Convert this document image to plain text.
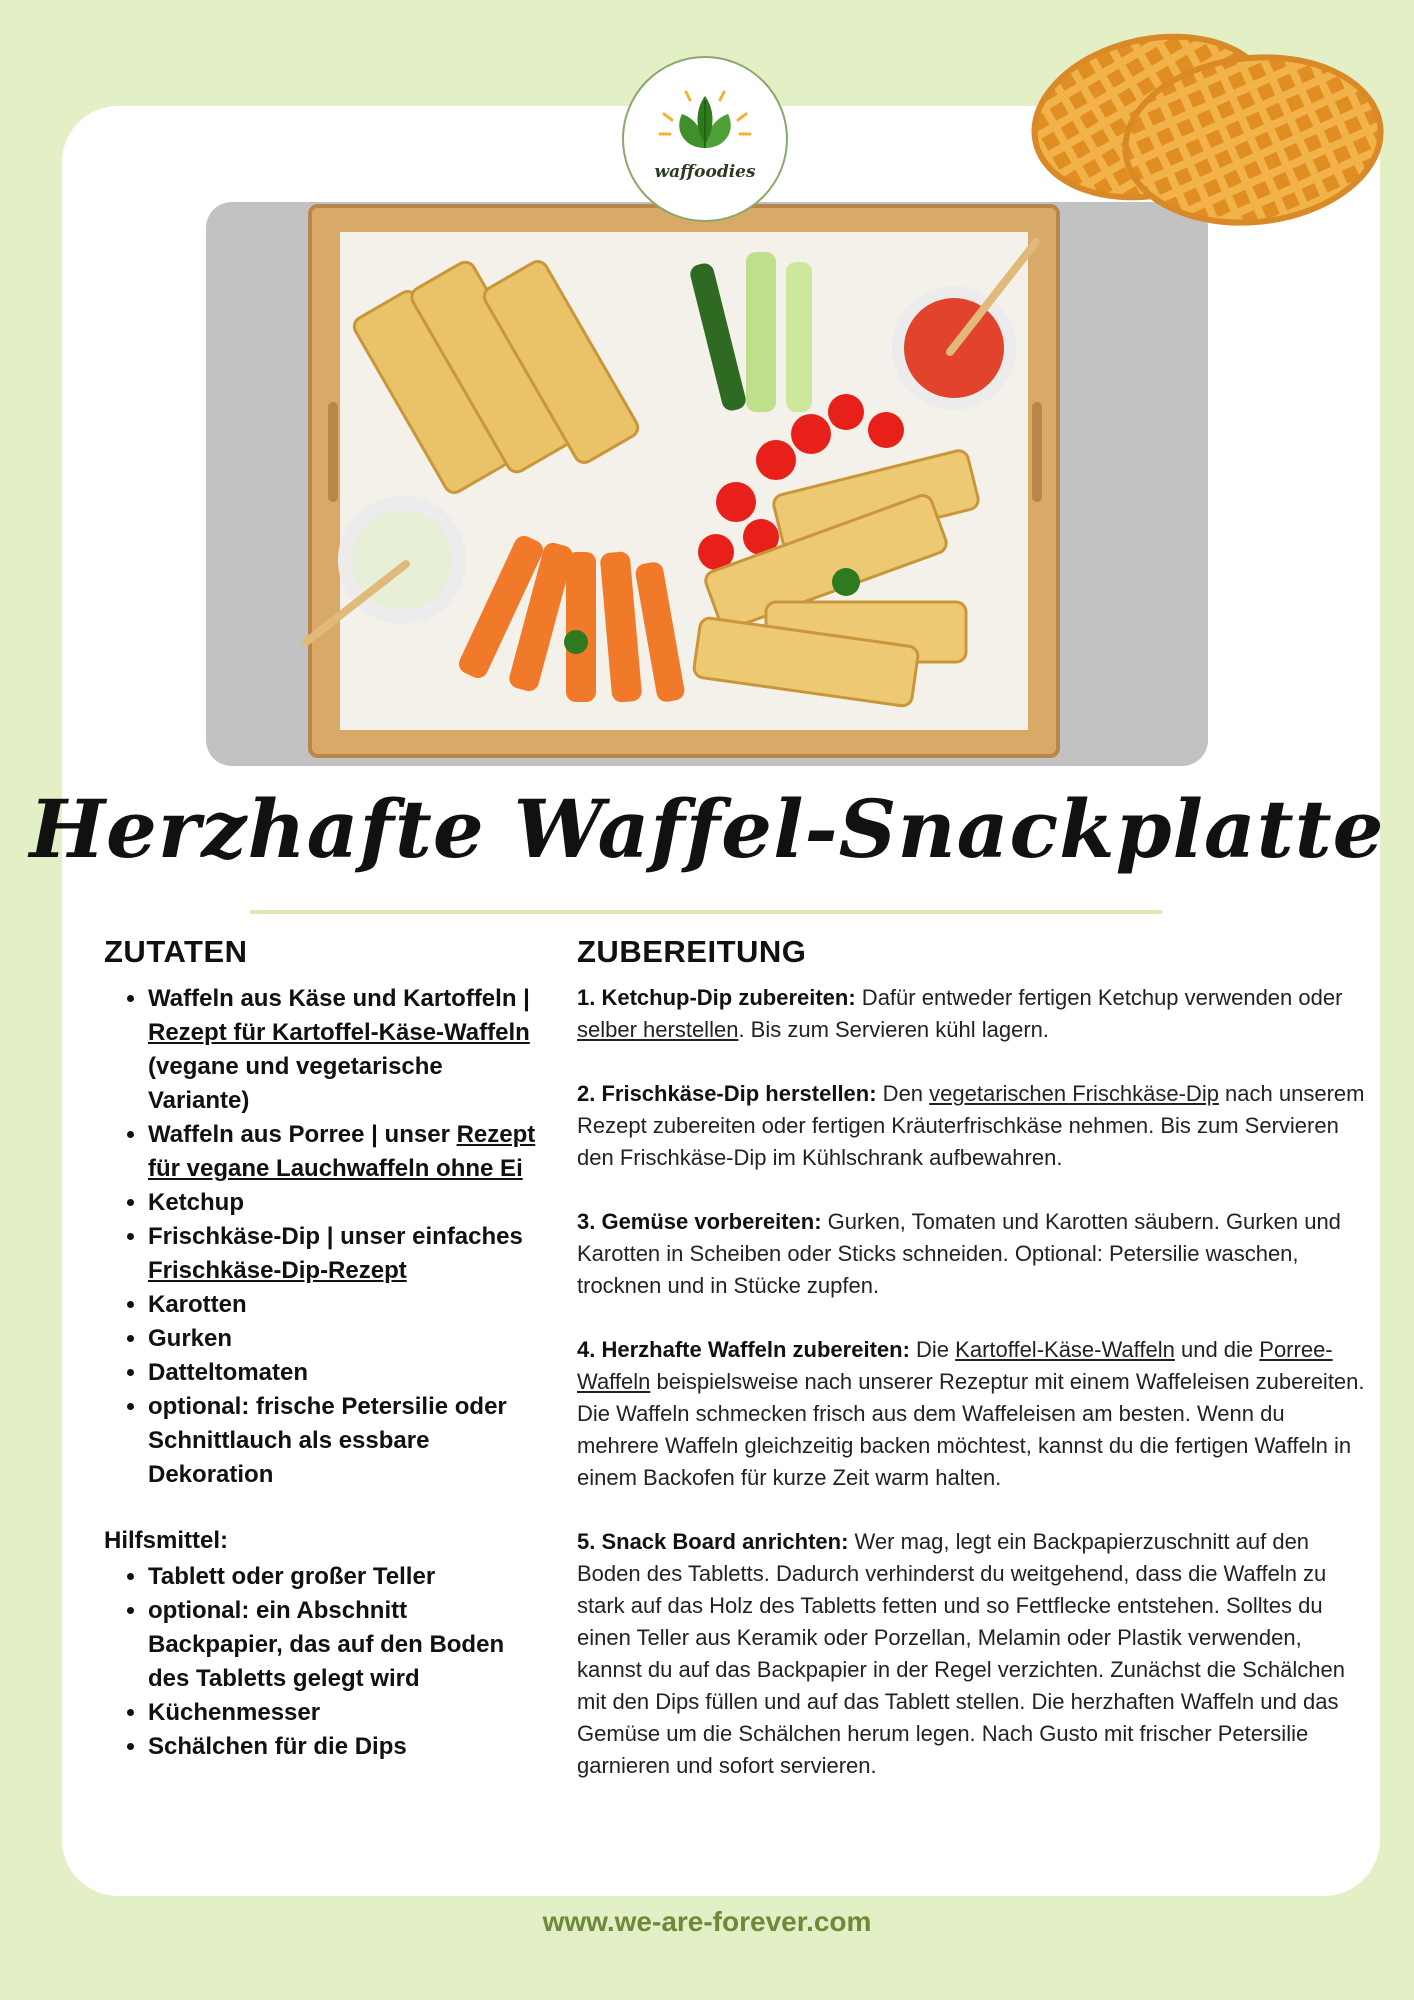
waffoodies
Herzhafte Waffel-Snackplatte
ZUTATEN
• Waffeln aus Käse und Kartoffeln | Rezept für Kartoffel-Käse-Waffeln (vegane und vegetarische Variante)
• Waffeln aus Porree | unser Rezept für vegane Lauchwaffeln ohne Ei
• Ketchup
• Frischkäse-Dip | unser einfaches Frischkäse-Dip-Rezept
• Karotten
• Gurken
• Datteltomaten
• optional: frische Petersilie oder Schnittlauch als essbare Dekoration
Hilfsmittel:
• Tablett oder großer Teller
• optional: ein Abschnitt Backpapier, das auf den Boden des Tabletts gelegt wird
• Küchenmesser
• Schälchen für die Dips
ZUBEREITUNG

1. Ketchup-Dip zubereiten: Dafür entweder fertigen Ketchup verwenden oder selber herstellen. Bis zum Servieren kühl lagern.

2. Frischkäse-Dip herstellen: Den vegetarischen Frischkäse-Dip nach unserem Rezept zubereiten oder fertigen Kräuterfrischkäse nehmen. Bis zum Servieren den Frischkäse-Dip im Kühlschrank aufbewahren.

3. Gemüse vorbereiten: Gurken, Tomaten und Karotten säubern. Gurken und Karotten in Scheiben oder Sticks schneiden. Optional: Petersilie waschen, trocknen und in Stücke zupfen.

4. Herzhafte Waffeln zubereiten: Die Kartoffel-Käse-Waffeln und die Porree-Waffeln beispielsweise nach unserer Rezeptur mit einem Waffeleisen zubereiten. Die Waffeln schmecken frisch aus dem Waffeleisen am besten. Wenn du mehrere Waffeln gleichzeitig backen möchtest, kannst du die fertigen Waffeln in einem Backofen für kurze Zeit warm halten.

5. Snack Board anrichten: Wer mag, legt ein Backpapierzuschnitt auf den Boden des Tabletts. Dadurch verhinderst du weitgehend, dass die Waffeln zu stark auf das Holz des Tabletts fetten und so Fettflecke entstehen. Solltes du einen Teller aus Keramik oder Porzellan, Melamin oder Plastik verwenden, kannst du auf das Backpapier in der Regel verzichten. Zunächst die Schälchen mit den Dips füllen und auf das Tablett stellen. Die herzhaften Waffeln und das Gemüse um die Schälchen herum legen. Nach Gusto mit frischer Petersilie garnieren und sofort servieren.

www.we-are-forever.com
